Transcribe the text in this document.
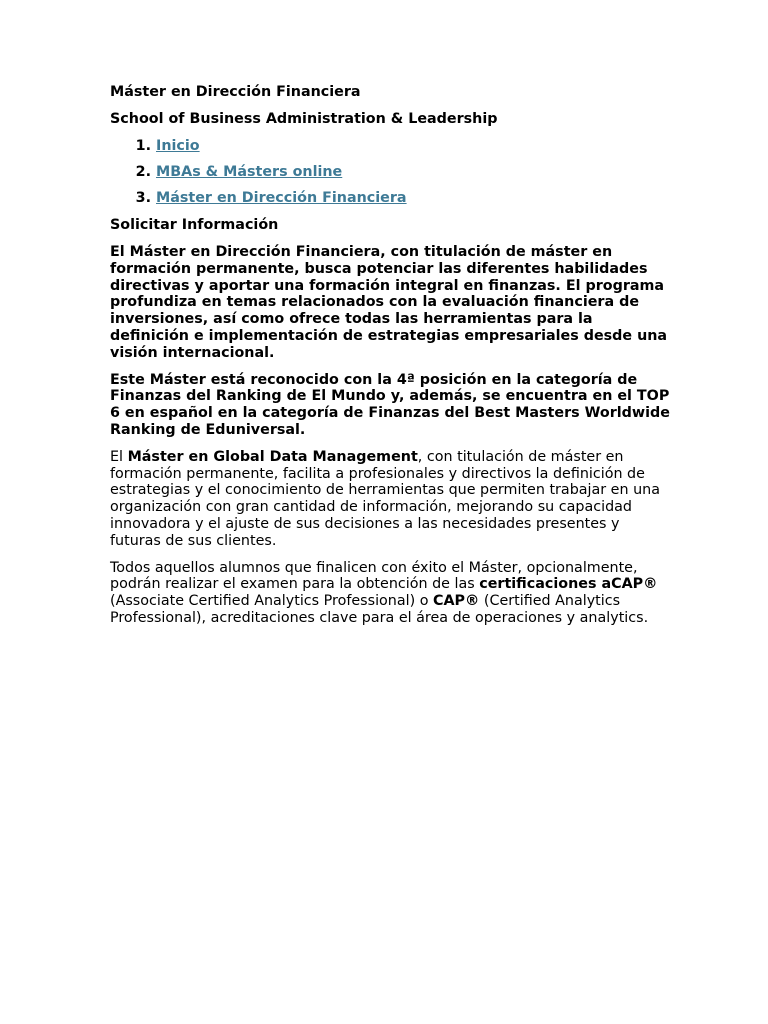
Máster en Dirección Financiera
School of Business Administration & Leadership
1. Inicio
2. MBAs & Másters online
3. Máster en Dirección Financiera
Solicitar Información

El Máster en Dirección Financiera, con titulación de máster en formación permanente, busca potenciar las diferentes habilidades directivas y aportar una formación integral en finanzas. El programa profundiza en temas relacionados con la evaluación financiera de inversiones, así como ofrece todas las herramientas para la definición e implementación de estrategias empresariales desde una visión internacional.

Este Máster está reconocido con la 4ª posición en la categoría de Finanzas del Ranking de El Mundo y, además, se encuentra en el TOP 6 en español en la categoría de Finanzas del Best Masters Worldwide Ranking de Eduniversal.

El Máster en Global Data Management, con titulación de máster en formación permanente, facilita a profesionales y directivos la definición de estrategias y el conocimiento de herramientas que permiten trabajar en una organización con gran cantidad de información, mejorando su capacidad innovadora y el ajuste de sus decisiones a las necesidades presentes y futuras de sus clientes.

Todos aquellos alumnos que finalicen con éxito el Máster, opcionalmente, podrán realizar el examen para la obtención de las certificaciones aCAP® (Associate Certified Analytics Professional) o CAP® (Certified Analytics Professional), acreditaciones clave para el área de operaciones y analytics.
